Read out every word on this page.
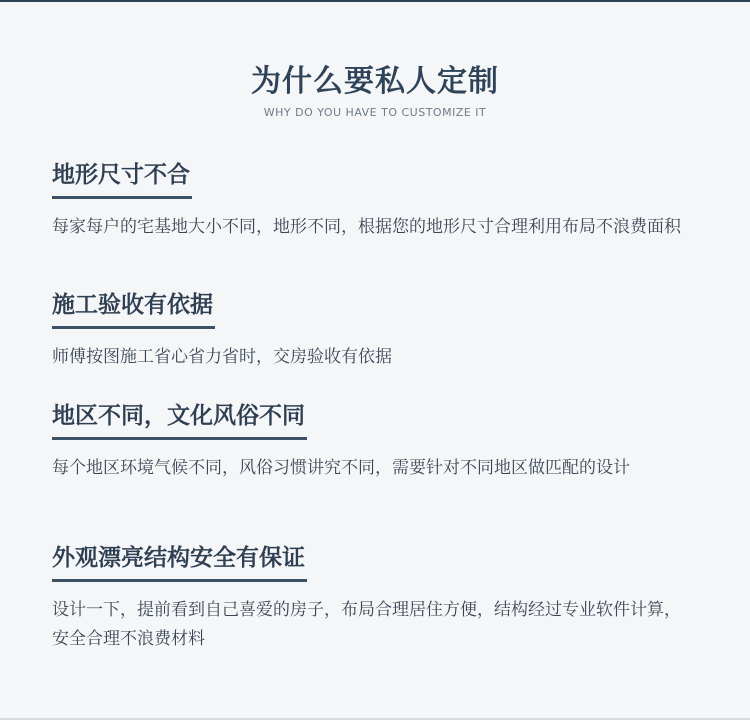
为什么要私人定制
WHY DO YOU HAVE TO CUSTOMIZE IT
地形尺寸不合
每家每户的宅基地大小不同，地形不同，根据您的地形尺寸合理利用布局不浪费面积
施工验收有依据
师傅按图施工省心省力省时，交房验收有依据
地区不同，文化风俗不同
每个地区环境气候不同，风俗习惯讲究不同，需要针对不同地区做匹配的设计
外观漂亮结构安全有保证
设计一下，提前看到自己喜爱的房子，布局合理居住方便，结构经过专业软件计算，安全合理不浪费材料
